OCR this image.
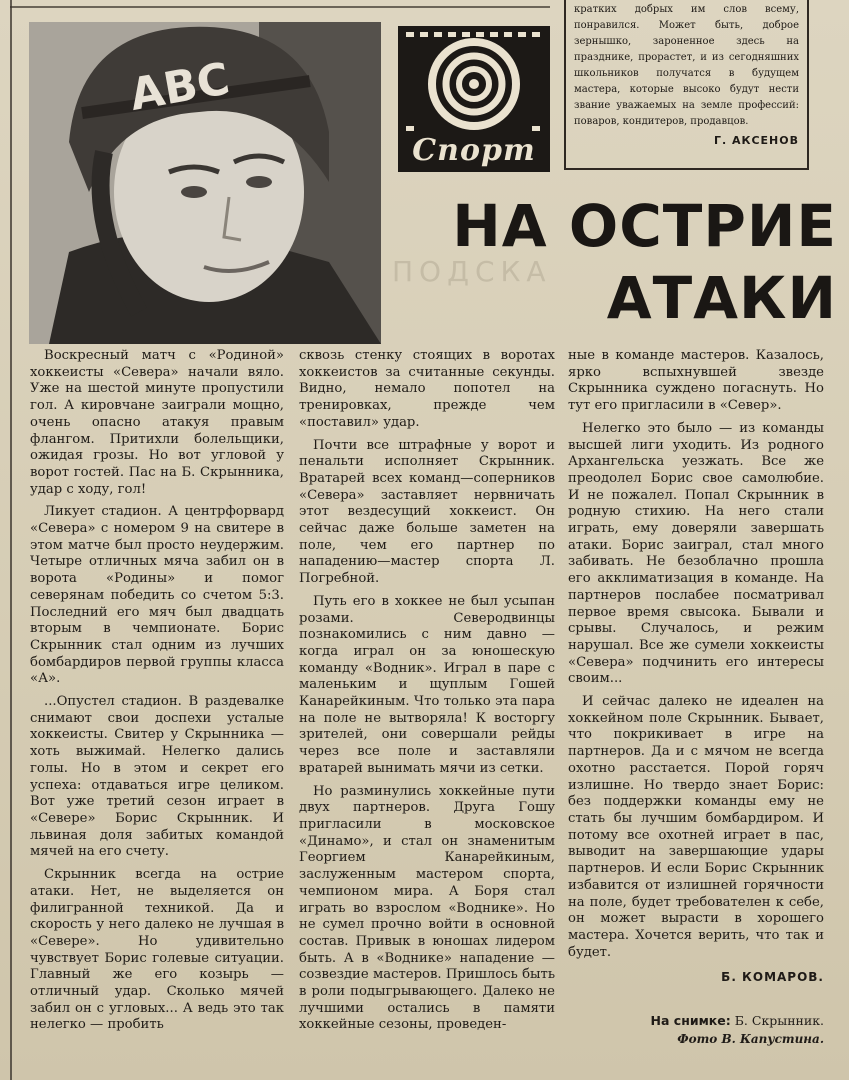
ABC
Спорт

кратких добрых им слов всему, понравился. Может быть, доброе зернышко, зароненное здесь на празднике, прорастет, и из сегодняшних школьников получатся в будущем мастера, которые высоко будут нести звание уважаемых на земле профессий: поваров, кондитеров, продавцов.

Г. АКСЕНОВ
ПОДСКА
НА ОСТРИЕ
АТАКИ

Воскресный матч с «Родиной» хоккеисты «Севера» начали вяло. Уже на шестой минуте пропустили гол. А кировчане заиграли мощно, очень опасно атакуя правым флангом. Притихли болельщики, ожидая грозы. Но вот угловой у ворот гостей. Пас на Б. Скрынника, удар с ходу, гол!

Ликует стадион. А центрфорвард «Севера» с номером 9 на свитере в этом матче был просто неудержим. Четыре отличных мяча забил он в ворота «Родины» и помог северянам победить со счетом 5:3. Последний его мяч был двадцать вторым в чемпионате. Борис Скрынник стал одним из лучших бомбардиров первой группы класса «А».

...Опустел стадион. В раздевалке снимают свои доспехи усталые хоккеисты. Свитер у Скрынника — хоть выжимай. Нелегко дались голы. Но в этом и секрет его успеха: отдаваться игре целиком. Вот уже третий сезон играет в «Севере» Борис Скрынник. И львиная доля забитых командой мячей на его счету.

Скрынник всегда на острие атаки. Нет, не выделяется он филигранной техникой. Да и скорость у него далеко не лучшая в «Севере». Но удивительно чувствует Борис голевые ситуации. Главный же его козырь — отличный удар. Сколько мячей забил он с угловых... А ведь это так нелегко — пробить

сквозь стенку стоящих в воротах хоккеистов за считанные секунды. Видно, немало попотел на тренировках, прежде чем «поставил» удар.

Почти все штрафные у ворот и пенальти исполняет Скрынник. Вратарей всех команд—соперников «Севера» заставляет нервничать этот вездесущий хоккеист. Он сейчас даже больше заметен на поле, чем его партнер по нападению—мастер спорта Л. Погребной.

Путь его в хоккее не был усыпан розами. Северодвинцы познакомились с ним давно — когда играл он за юношескую команду «Водник». Играл в паре с маленьким и щуплым Гошей Канарейкиным. Что только эта пара на поле не вытворяла! К восторгу зрителей, они совершали рейды через все поле и заставляли вратарей вынимать мячи из сетки.

Но разминулись хоккейные пути двух партнеров. Друга Гошу пригласили в московское «Динамо», и стал он знаменитым Георгием Канарейкиным, заслуженным мастером спорта, чемпионом мира. А Боря стал играть во взрослом «Воднике». Но не сумел прочно войти в основной состав. Привык в юношах лидером быть. А в «Воднике» нападение — созвездие мастеров. Пришлось быть в роли подыгрывающего. Далеко не лучшими остались в памяти хоккейные сезоны, проведен-

ные в команде мастеров. Казалось, ярко вспыхнувшей звезде Скрынника суждено погаснуть. Но тут его пригласили в «Север».

Нелегко это было — из команды высшей лиги уходить. Из родного Архангельска уезжать. Все же преодолел Борис свое самолюбие. И не пожалел. Попал Скрынник в родную стихию. На него стали играть, ему доверяли завершать атаки. Борис заиграл, стал много забивать. Не безоблачно прошла его акклиматизация в команде. На партнеров послабее посматривал первое время свысока. Бывали и срывы. Случалось, и режим нарушал. Все же сумели хоккеисты «Севера» подчинить его интересы своим...

И сейчас далеко не идеален на хоккейном поле Скрынник. Бывает, что покрикивает в игре на партнеров. Да и с мячом не всегда охотно расстается. Порой горяч излишне. Но твердо знает Борис: без поддержки команды ему не стать бы лучшим бомбардиром. И потому все охотней играет в пас, выводит на завершающие удары партнеров. И если Борис Скрынник избавится от излишней горячности на поле, будет требователен к себе, он может вырасти в хорошего мастера. Хочется верить, что так и будет.

Б. КОМАРОВ.
На снимке: Б. Скрынник.
Фото В. Капустина.
